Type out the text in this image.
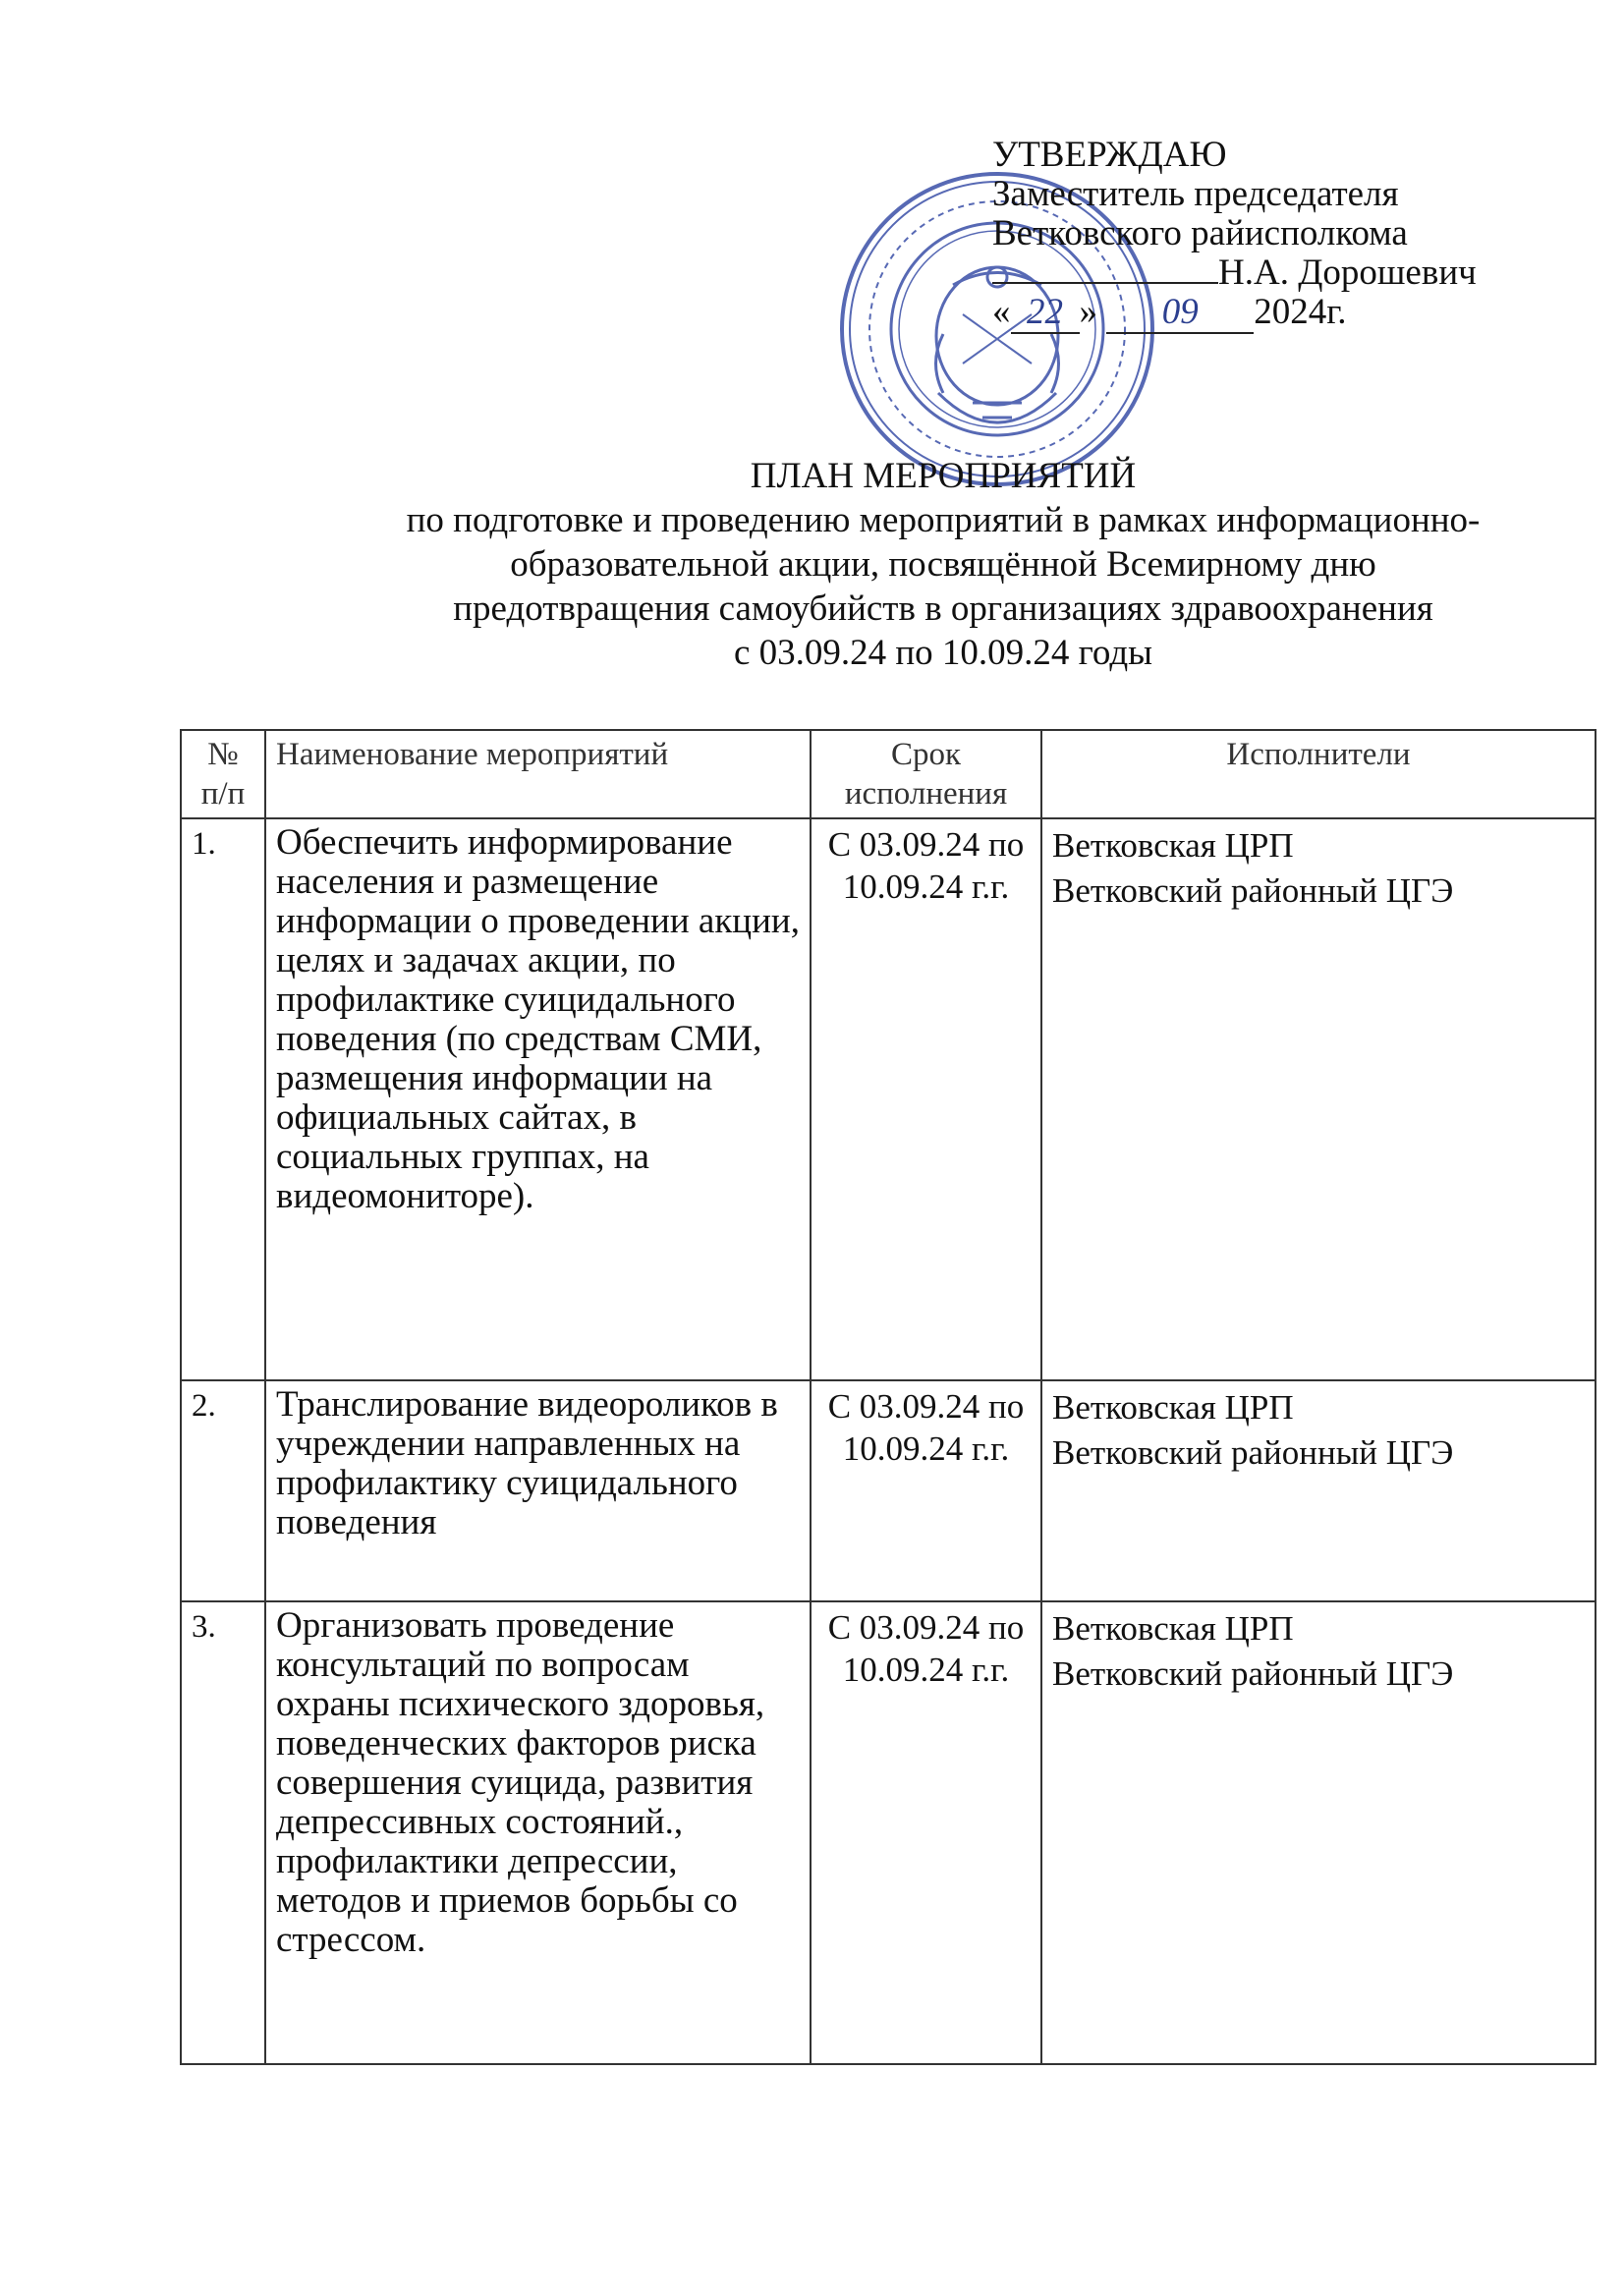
УТВЕРЖДАЮ
Заместитель председателя
Ветковского райисполкома
Н.А. Дорошевич
« 22 » 09 2024г.
ПЛАН МЕРОПРИЯТИЙ
по подготовке и проведению мероприятий в рамках информационно-
образовательной акции, посвящённой Всемирному дню
предотвращения самоубийств в организациях здравоохранения
с 03.09.24 по 10.09.24 годы
№ п/п	Наименование мероприятий	Срок исполнения	Исполнители
1.	Обеспечить информирование населения и размещение информации о проведении акции, целях и задачах акции, по профилактике суицидального поведения (по средствам СМИ, размещения информации на официальных сайтах, в социальных группах, на видеомониторе).	С 03.09.24 по 10.09.24 г.г.	Ветковская ЦРП
Ветковский районный ЦГЭ

2.	Транслирование видеороликов в учреждении направленных на профилактику суицидального поведения	С 03.09.24 по 10.09.24 г.г.	Ветковская ЦРП
Ветковский районный ЦГЭ

3.	Организовать проведение консультаций по вопросам охраны психического здоровья, поведенческих факторов риска совершения суицида, развития депрессивных состояний., профилактики депрессии, методов и приемов борьбы со стрессом.	С 03.09.24 по 10.09.24 г.г.	Ветковская ЦРП
Ветковский районный ЦГЭ
